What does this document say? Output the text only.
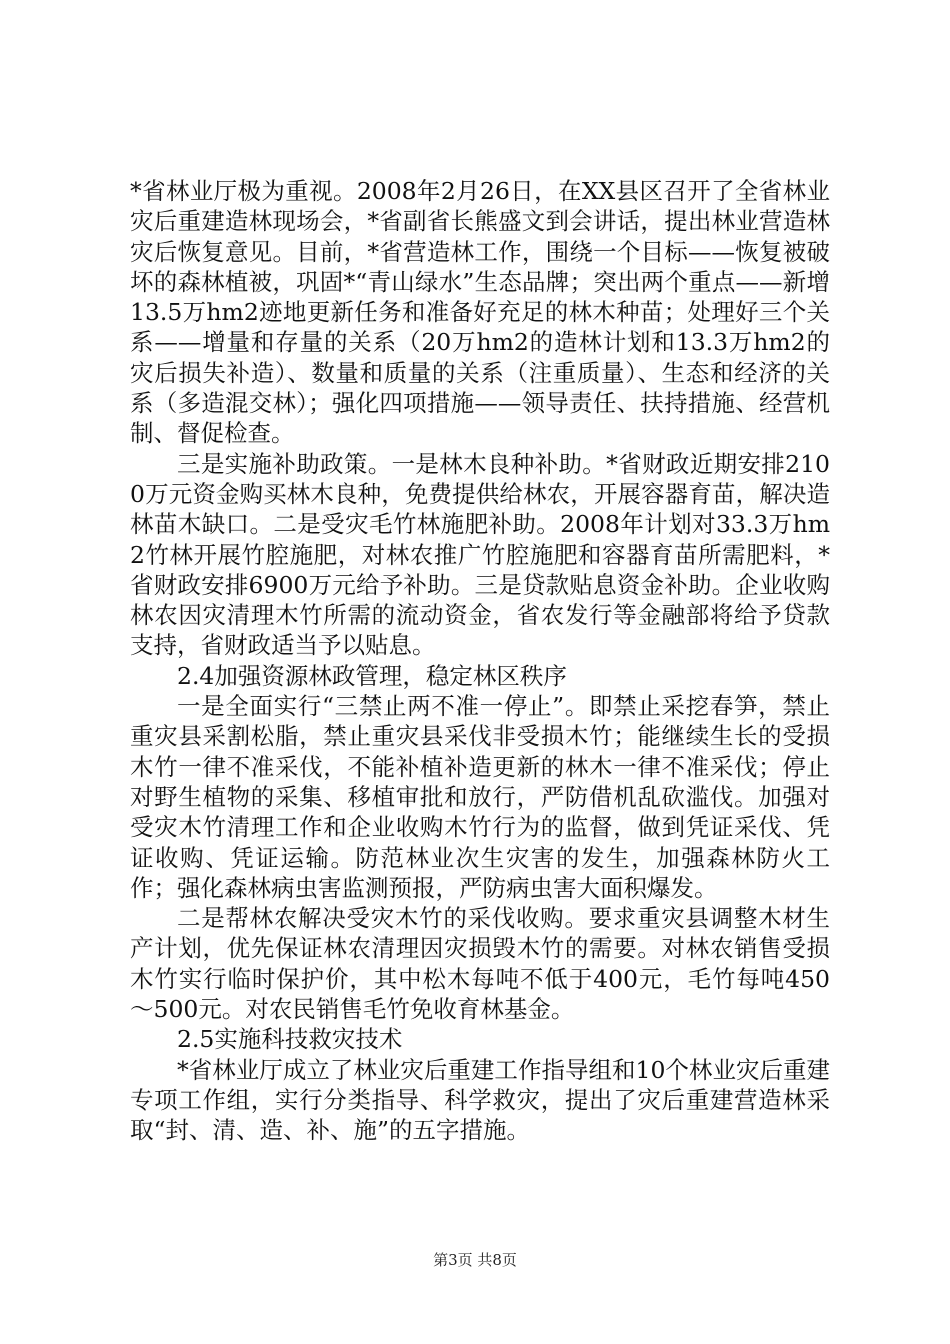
*省林业厅极为重视。2008年2月26日，在XX县区召开了全省林业灾后重建造林现场会，*省副省长熊盛文到会讲话，提出林业营造林灾后恢复意见。目前，*省营造林工作，围绕一个目标——恢复被破坏的森林植被，巩固*“青山绿水”生态品牌；突出两个重点——新增13.5万hm2迹地更新任务和准备好充足的林木种苗；处理好三个关系——增量和存量的关系（20万hm2的造林计划和13.3万hm2的灾后损失补造）、数量和质量的关系（注重质量）、生态和经济的关系（多造混交林）；强化四项措施——领导责任、扶持措施、经营机制、督促检查。

三是实施补助政策。一是林木良种补助。*省财政近期安排2100万元资金购买林木良种，免费提供给林农，开展容器育苗，解决造林苗木缺口。二是受灾毛竹林施肥补助。2008年计划对33.3万hm2竹林开展竹腔施肥，对林农推广竹腔施肥和容器育苗所需肥料，*省财政安排6900万元给予补助。三是贷款贴息资金补助。企业收购林农因灾清理木竹所需的流动资金，省农发行等金融部将给予贷款支持，省财政适当予以贴息。

2.4加强资源林政管理，稳定林区秩序

一是全面实行“三禁止两不准一停止”。即禁止采挖春笋，禁止重灾县采割松脂，禁止重灾县采伐非受损木竹；能继续生长的受损木竹一律不准采伐，不能补植补造更新的林木一律不准采伐；停止对野生植物的采集、移植审批和放行，严防借机乱砍滥伐。加强对受灾木竹清理工作和企业收购木竹行为的监督，做到凭证采伐、凭证收购、凭证运输。防范林业次生灾害的发生，加强森林防火工作；强化森林病虫害监测预报，严防病虫害大面积爆发。

二是帮林农解决受灾木竹的采伐收购。要求重灾县调整木材生产计划，优先保证林农清理因灾损毁木竹的需要。对林农销售受损木竹实行临时保护价，其中松木每吨不低于400元，毛竹每吨450～500元。对农民销售毛竹免收育林基金。

2.5实施科技救灾技术

*省林业厅成立了林业灾后重建工作指导组和10个林业灾后重建专项工作组，实行分类指导、科学救灾，提出了灾后重建营造林采取“封、清、造、补、施”的五字措施。

第3页 共8页
